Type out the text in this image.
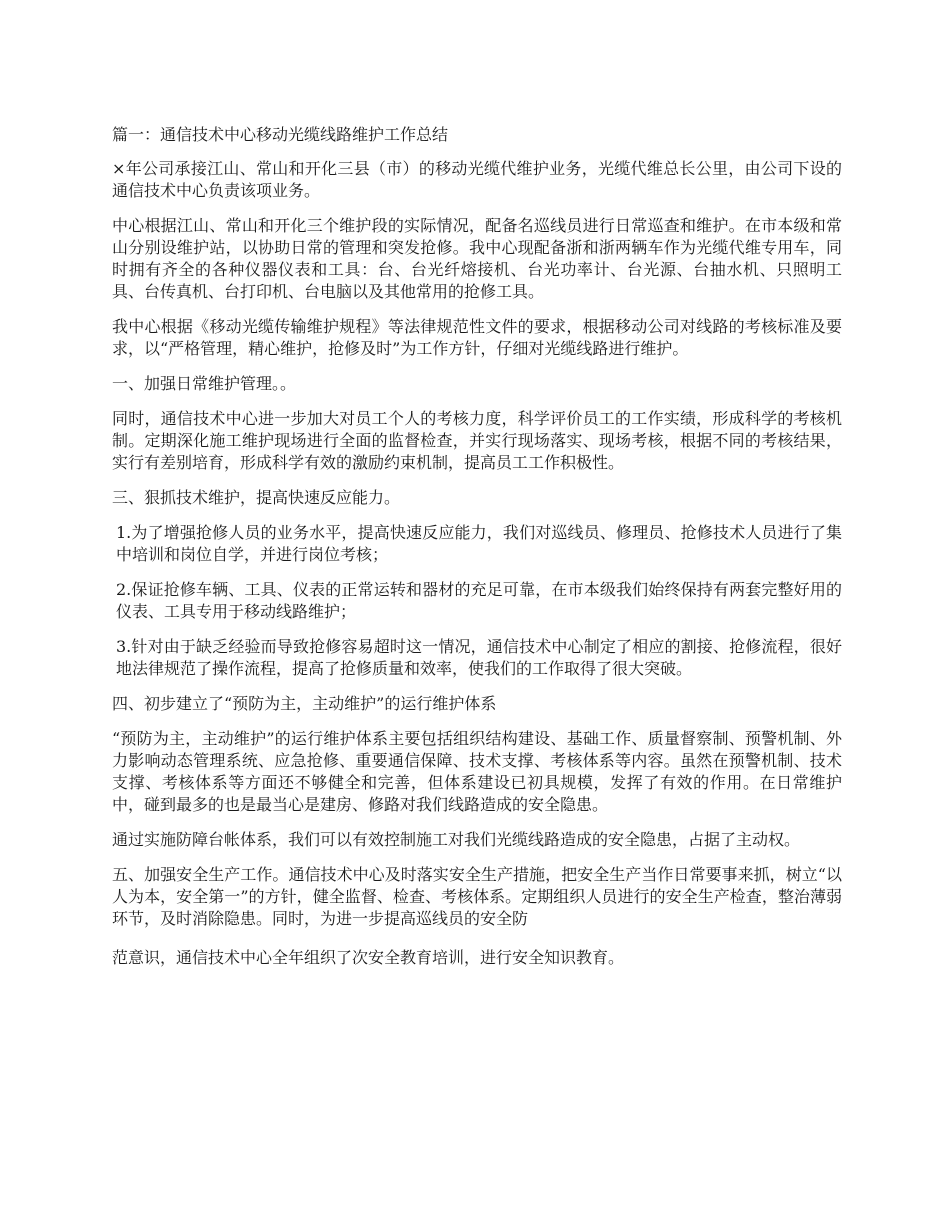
篇一：通信技术中心移动光缆线路维护工作总结

×年公司承接江山、常山和开化三县（市）的移动光缆代维护业务，光缆代维总长公里，由公司下设的通信技术中心负责该项业务。

中心根据江山、常山和开化三个维护段的实际情况，配备名巡线员进行日常巡查和维护。在市本级和常山分别设维护站，以协助日常的管理和突发抢修。我中心现配备浙和浙两辆车作为光缆代维专用车，同时拥有齐全的各种仪器仪表和工具：台、台光纤熔接机、台光功率计、台光源、台抽水机、只照明工具、台传真机、台打印机、台电脑以及其他常用的抢修工具。

我中心根据《移动光缆传输维护规程》等法律规范性文件的要求，根据移动公司对线路的考核标准及要求，以“严格管理，精心维护，抢修及时”为工作方针，仔细对光缆线路进行维护。

一、加强日常维护管理。。

同时，通信技术中心进一步加大对员工个人的考核力度，科学评价员工的工作实绩，形成科学的考核机制。定期深化施工维护现场进行全面的监督检查，并实行现场落实、现场考核，根据不同的考核结果，实行有差别培育，形成科学有效的激励约束机制，提高员工工作积极性。

三、狠抓技术维护，提高快速反应能力。

1.为了增强抢修人员的业务水平，提高快速反应能力，我们对巡线员、修理员、抢修技术人员进行了集中培训和岗位自学，并进行岗位考核；

2.保证抢修车辆、工具、仪表的正常运转和器材的充足可靠，在市本级我们始终保持有两套完整好用的仪表、工具专用于移动线路维护；

3.针对由于缺乏经验而导致抢修容易超时这一情况，通信技术中心制定了相应的割接、抢修流程，很好地法律规范了操作流程，提高了抢修质量和效率，使我们的工作取得了很大突破。

四、初步建立了“预防为主，主动维护”的运行维护体系

“预防为主，主动维护”的运行维护体系主要包括组织结构建设、基础工作、质量督察制、预警机制、外力影响动态管理系统、应急抢修、重要通信保障、技术支撑、考核体系等内容。虽然在预警机制、技术支撑、考核体系等方面还不够健全和完善，但体系建设已初具规模，发挥了有效的作用。在日常维护中，碰到最多的也是最当心是建房、修路对我们线路造成的安全隐患。

通过实施防障台帐体系，我们可以有效控制施工对我们光缆线路造成的安全隐患，占据了主动权。

五、加强安全生产工作。通信技术中心及时落实安全生产措施，把安全生产当作日常要事来抓，树立“以人为本，安全第一”的方针，健全监督、检查、考核体系。定期组织人员进行的安全生产检查，整治薄弱环节，及时消除隐患。同时，为进一步提高巡线员的安全防

范意识，通信技术中心全年组织了次安全教育培训，进行安全知识教育。
